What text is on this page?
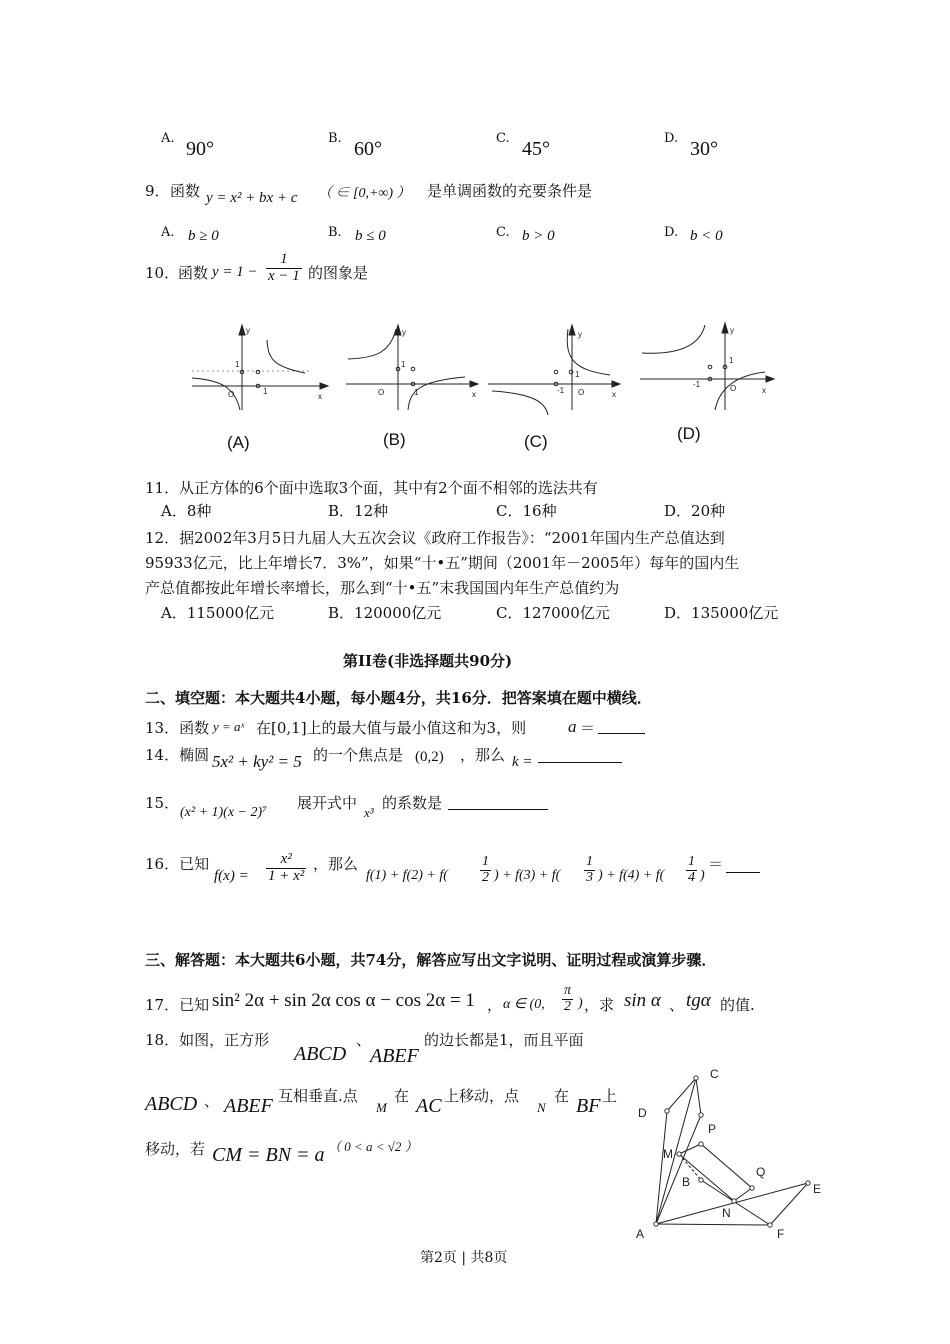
A. 90°	B. 60°	C. 45°	D. 30°
9． 函数 y = x² + bx + c （ ∈ [0,+∞) ） 是单调函数的充要条件是
A. b ≥ 0	B. b ≤ 0	C. b > 0	D. b < 0
10．
函数 $y = 1 - \frac{1}{x - 1}$ 的图象是
y
x
O
1
1
y
x
O
1
1
y
x
O
1
-1
y
x
O
1
-1
(A)	(B)	(C)	(D)
11．从正方体的6个面中选取3个面，其中有2个面不相邻的选法共有
A．8种	B．12种	C．16种	D．20种
12．据2002年3月5日九届人大五次会议《政府工作报告》：“2001年国内生产总值达到
95933亿元，比上年增长7．3%”，如果“十•五”期间（2001年－2005年）每年的国内生
产总值都按此年增长率增长，那么到“十•五”末我国国内年生产总值约为
A．115000亿元	B．120000亿元	C．127000亿元	D．135000亿元
第II卷(非选择题共90分)
二、填空题：本大题共4小题，每小题4分，共16分．把答案填在题中横线．
13．函数 y = aˣ 在[0,1]上的最大值与最小值这和为3，则 a ＝
14．椭圆 5x² + ky² = 5 的一个焦点是 (0,2) ，那么 k =
15．
(x² + 1)(x − 2)⁷
展开式中
x³
的系数是
16．已知
$f(x) = \frac{\text{x²}}{\text{1 + x²}}$ ，那么
$f(1) + f(2) + f( \frac{1}{2}$ ) + $f(3) + f( \frac{1}{3}$ ) + $f(4) + f( \frac{1}{4}$ )
＝
三、解答题：本大题共6小题，共74分，解答应写出文字说明、证明过程或演算步骤．
17．已知 sin² 2α + sin 2α cos α − cos 2α = 1 ， α ∈ (0, $\frac{\pi}{2}$ ) ，求 sin α 、 tgα 的值.
18．如图，正方形
ABCD
、
ABEF
的边长都是1，而且平面
ABCD 、 ABEF 互相垂直.点
M
在 AC 上移动，点
N
在 BF 上
移动，若 CM = BN = a （ 0 < a < √2 ）
C
D
P
M
B
Q
E
N
A	F
第2页 | 共8页
